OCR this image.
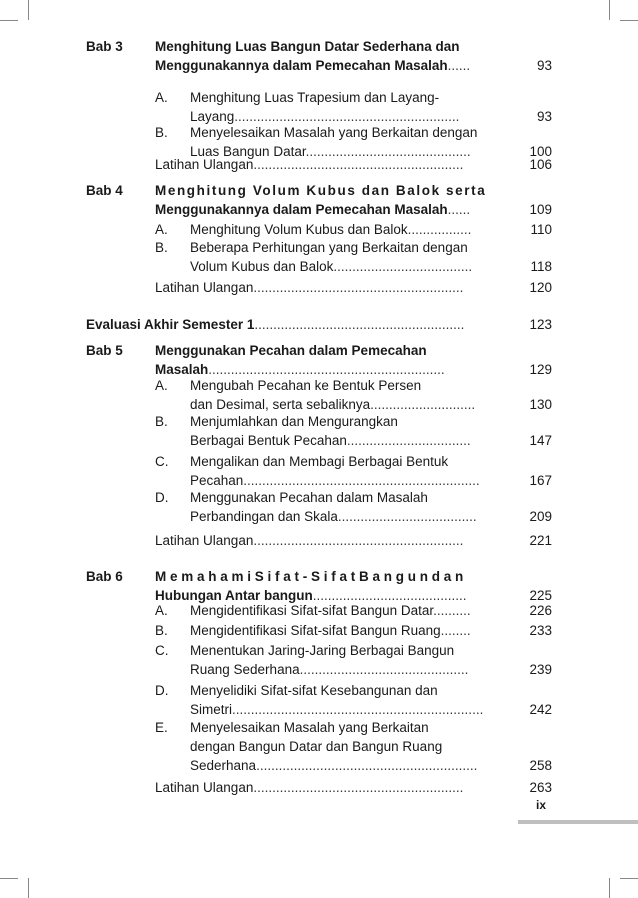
Bab 3 Menghitung Luas Bangun Datar Sederhana dan
Menggunakannya dalam Pemecahan Masalah......	93
A. Menghitung Luas Trapesium dan Layang-
Layang............................................................	93
B. Menyelesaikan Masalah yang Berkaitan dengan
Luas Bangun Datar............................................	100
Latihan Ulangan........................................................	106
Bab 4 Menghitung Volum Kubus dan Balok serta
Menggunakannya dalam Pemecahan Masalah......	109
A. Menghitung Volum Kubus dan Balok.................	110
B. Beberapa Perhitungan yang Berkaitan dengan
Volum Kubus dan Balok.....................................	118
Latihan Ulangan........................................................	120
Evaluasi Akhir Semester 1........................................................	123
Bab 5 Menggunakan Pecahan dalam Pemecahan
Masalah...............................................................	129
A. Mengubah Pecahan ke Bentuk Persen
dan Desimal, serta sebaliknya............................	130
B. Menjumlahkan dan Mengurangkan
Berbagai Bentuk Pecahan.................................	147
C. Mengalikan dan Membagi Berbagai Bentuk
Pecahan...............................................................	167
D. Menggunakan Pecahan dalam Masalah
Perbandingan dan Skala.....................................	209
Latihan Ulangan........................................................	221
Bab 6 M e m a h a m i S i f a t - S i f a t B a n g u n d a n
Hubungan Antar bangun.........................................	225
A. Mengidentifikasi Sifat-sifat Bangun Datar..........	226
B. Mengidentifikasi Sifat-sifat Bangun Ruang........	233
C. Menentukan Jaring-Jaring Berbagai Bangun
Ruang Sederhana.............................................	239
D. Menyelidiki Sifat-sifat Kesebangunan dan
Simetri...................................................................	242
E. Menyelesaikan Masalah yang Berkaitan
dengan Bangun Datar dan Bangun Ruang
Sederhana...........................................................	258
Latihan Ulangan........................................................	263
ix
